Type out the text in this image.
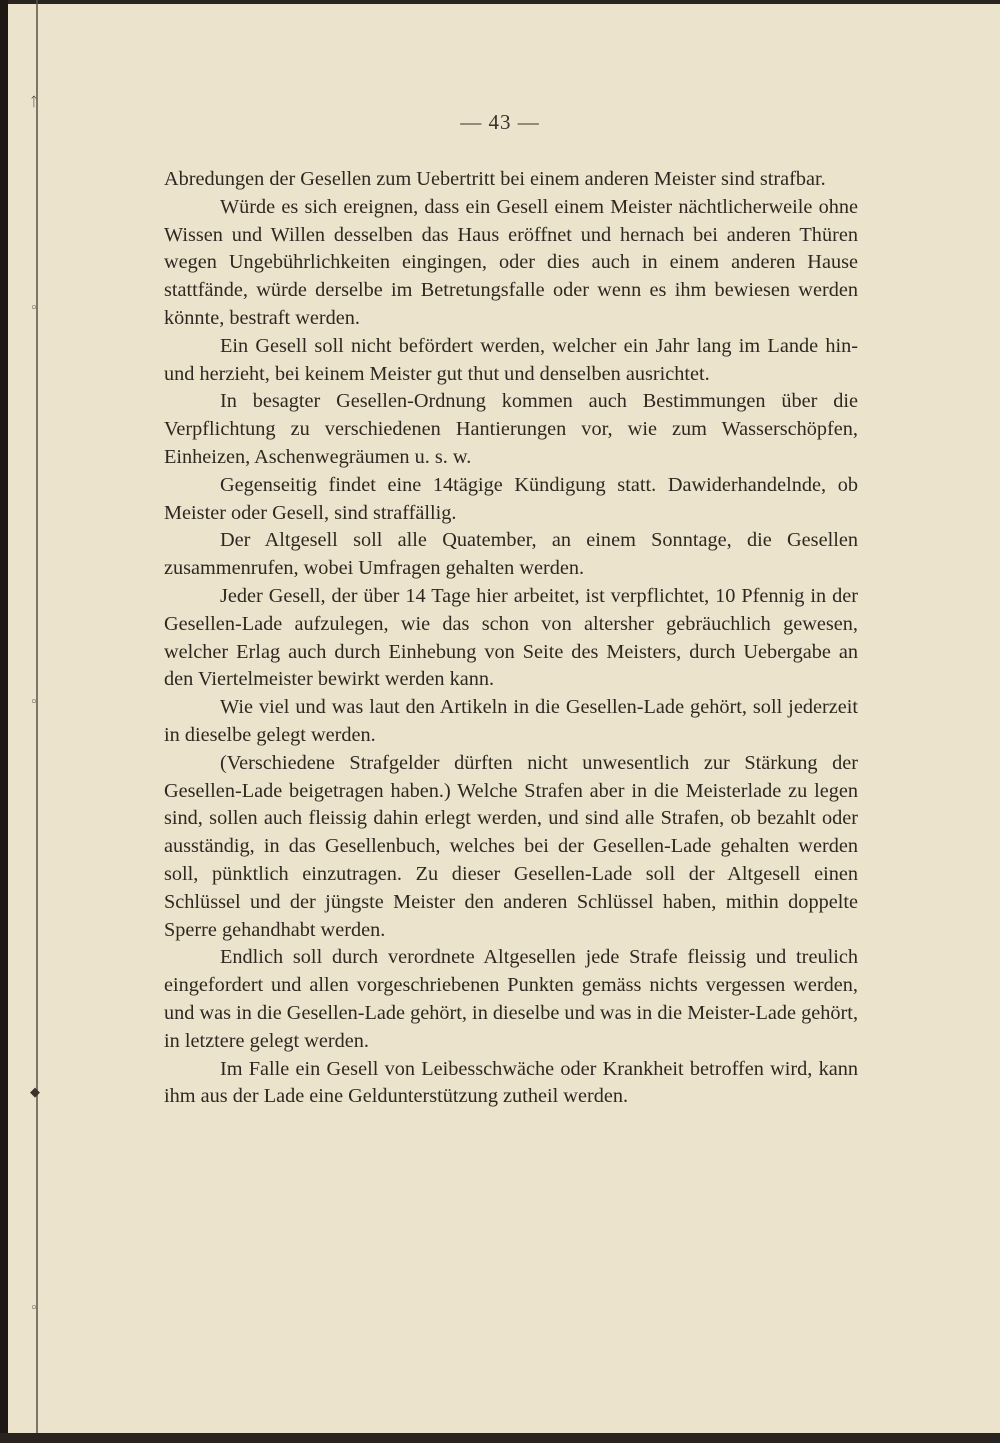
ᛏ
◦
◦
◆
◦
— 43 —

Abredungen der Gesellen zum Uebertritt bei einem anderen Meister sind strafbar.

Würde es sich ereignen, dass ein Gesell einem Meister nächtlicherweile ohne Wissen und Willen desselben das Haus eröffnet und hernach bei anderen Thüren wegen Ungebührlichkeiten eingingen, oder dies auch in einem anderen Hause stattfände, würde derselbe im Betretungsfalle oder wenn es ihm bewiesen werden könnte, bestraft werden.

Ein Gesell soll nicht befördert werden, welcher ein Jahr lang im Lande hin- und herzieht, bei keinem Meister gut thut und denselben ausrichtet.

In besagter Gesellen-Ordnung kommen auch Bestimmungen über die Verpflichtung zu verschiedenen Hantierungen vor, wie zum Wasserschöpfen, Einheizen, Aschenwegräumen u. s. w.

Gegenseitig findet eine 14tägige Kündigung statt. Dawiderhandelnde, ob Meister oder Gesell, sind straffällig.

Der Altgesell soll alle Quatember, an einem Sonntage, die Gesellen zusammenrufen, wobei Umfragen gehalten werden.

Jeder Gesell, der über 14 Tage hier arbeitet, ist verpflichtet, 10 Pfennig in der Gesellen-Lade aufzulegen, wie das schon von altersher gebräuchlich gewesen, welcher Erlag auch durch Einhebung von Seite des Meisters, durch Uebergabe an den Viertelmeister bewirkt werden kann.

Wie viel und was laut den Artikeln in die Gesellen-Lade gehört, soll jederzeit in dieselbe gelegt werden.

(Verschiedene Strafgelder dürften nicht unwesentlich zur Stärkung der Gesellen-Lade beigetragen haben.) Welche Strafen aber in die Meisterlade zu legen sind, sollen auch fleissig dahin erlegt werden, und sind alle Strafen, ob bezahlt oder ausständig, in das Gesellenbuch, welches bei der Gesellen-Lade gehalten werden soll, pünktlich einzutragen. Zu dieser Gesellen-Lade soll der Altgesell einen Schlüssel und der jüngste Meister den anderen Schlüssel haben, mithin doppelte Sperre gehandhabt werden.

Endlich soll durch verordnete Altgesellen jede Strafe fleissig und treulich eingefordert und allen vorgeschriebenen Punkten gemäss nichts vergessen werden, und was in die Gesellen-Lade gehört, in dieselbe und was in die Meister-Lade gehört, in letztere gelegt werden.

Im Falle ein Gesell von Leibesschwäche oder Krankheit betroffen wird, kann ihm aus der Lade eine Geldunterstützung zutheil werden.
